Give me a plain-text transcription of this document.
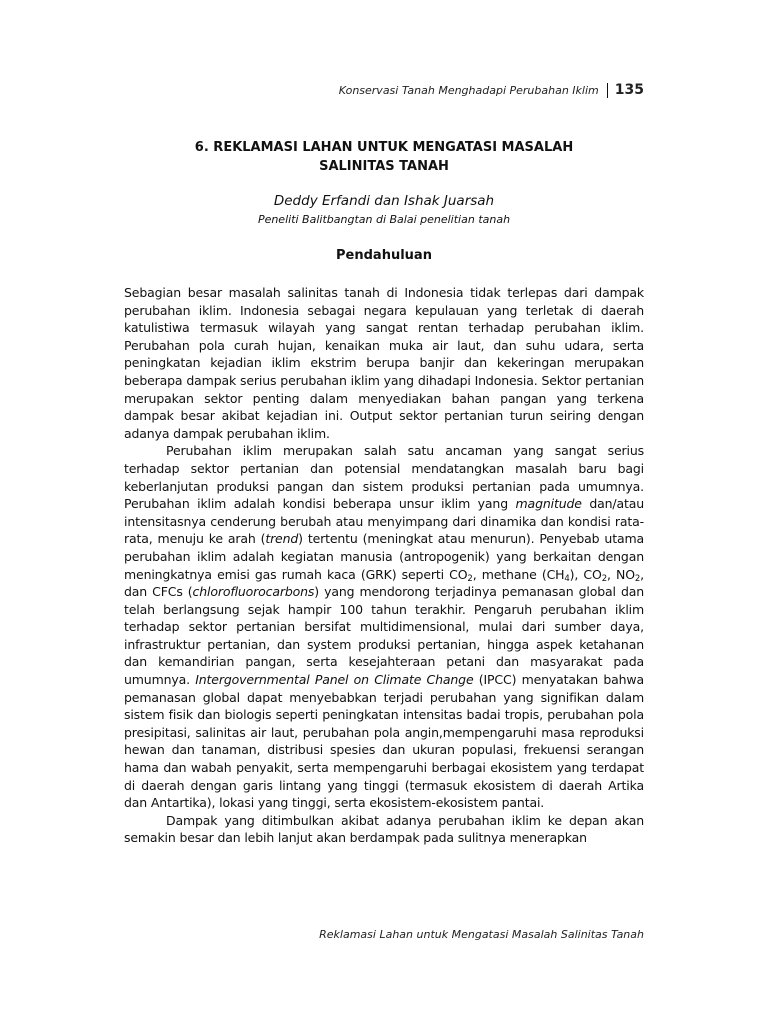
Konservasi Tanah Menghadapi Perubahan Iklim 135
6. REKLAMASI LAHAN UNTUK MENGATASI MASALAH
SALINITAS TANAH
Deddy Erfandi dan Ishak Juarsah
Peneliti Balitbangtan di Balai penelitian tanah
Pendahuluan

Sebagian besar masalah salinitas tanah di Indonesia tidak terlepas dari dampak perubahan iklim. Indonesia sebagai negara kepulauan yang terletak di daerah katulistiwa termasuk wilayah yang sangat rentan terhadap perubahan iklim. Perubahan pola curah hujan, kenaikan muka air laut, dan suhu udara, serta peningkatan kejadian iklim ekstrim berupa banjir dan kekeringan merupakan beberapa dampak serius perubahan iklim yang dihadapi Indonesia. Sektor pertanian merupakan sektor penting dalam menyediakan bahan pangan yang terkena dampak besar akibat kejadian ini. Output sektor pertanian turun seiring dengan adanya dampak perubahan iklim.

Perubahan iklim merupakan salah satu ancaman yang sangat serius terhadap sektor pertanian dan potensial mendatangkan masalah baru bagi keberlanjutan produksi pangan dan sistem produksi pertanian pada umumnya. Perubahan iklim adalah kondisi beberapa unsur iklim yang magnitude dan/atau intensitasnya cenderung berubah atau menyimpang dari dinamika dan kondisi rata-rata, menuju ke arah (trend) tertentu (meningkat atau menurun). Penyebab utama perubahan iklim adalah kegiatan manusia (antropogenik) yang berkaitan dengan meningkatnya emisi gas rumah kaca (GRK) seperti $CO_2$, methane $(CH_4)$, $CO_2$, $NO_2$, dan CFCs (chlorofluorocarbons) yang mendorong terjadinya pemanasan global dan telah berlangsung sejak hampir 100 tahun terakhir. Pengaruh perubahan iklim terhadap sektor pertanian bersifat multidimensional, mulai dari sumber daya, infrastruktur pertanian, dan system produksi pertanian, hingga aspek ketahanan dan kemandirian pangan, serta kesejahteraan petani dan masyarakat pada umumnya. Intergovernmental Panel on Climate Change (IPCC) menyatakan bahwa pemanasan global dapat menyebabkan terjadi perubahan yang signifikan dalam sistem fisik dan biologis seperti peningkatan intensitas badai tropis, perubahan pola presipitasi, salinitas air laut, perubahan pola angin,mempengaruhi masa reproduksi hewan dan tanaman, distribusi spesies dan ukuran populasi, frekuensi serangan hama dan wabah penyakit, serta mempengaruhi berbagai ekosistem yang terdapat di daerah dengan garis lintang yang tinggi (termasuk ekosistem di daerah Artika dan Antartika), lokasi yang tinggi, serta ekosistem-ekosistem pantai.

Dampak yang ditimbulkan akibat adanya perubahan iklim ke depan akan semakin besar dan lebih lanjut akan berdampak pada sulitnya menerapkan

Reklamasi Lahan untuk Mengatasi Masalah Salinitas Tanah
